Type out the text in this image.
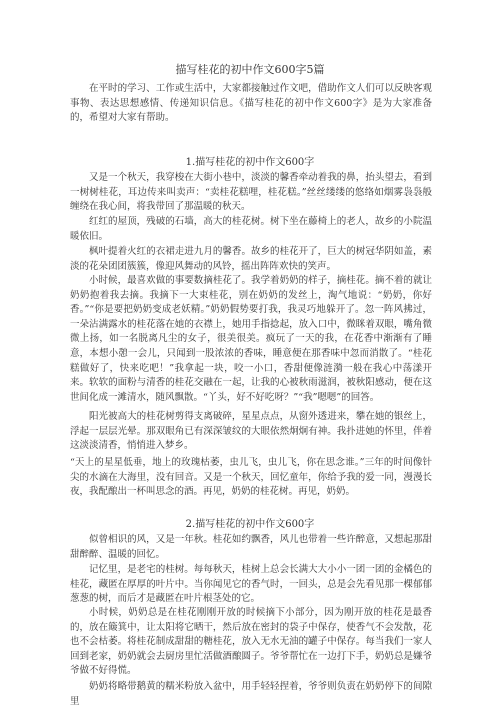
描写桂花的初中作文600字5篇

在平时的学习、工作或生活中，大家都接触过作文吧，借助作文人们可以反映客观事物、表达思想感情、传递知识信息。《描写桂花的初中作文600字》是为大家准备的，希望对大家有帮助。

1.描写桂花的初中作文600字

又是一个秋天，我穿梭在大街小巷中，淡淡的馨香牵动着我的鼻，抬头望去，看到一树树桂花，耳边传来叫卖声：“卖桂花糕哩，桂花糕。”丝丝缕缕的悠络如烟雾袅袅般缠绕在我心间，将我带回了那温暖的秋天。

红红的屋顶，残破的石墙，高大的桂花树。树下坐在藤椅上的老人，故乡的小院温暖依旧。

枫叶提着火红的衣裙走进九月的馨香。故乡的桂花开了，巨大的树冠华阴如盖，素淡的花朵团团簇簇，像迎风舞动的风铃，摇出阵阵欢快的笑声。

小时候，最喜欢做的事要数摘桂花了。我学着奶奶的样子，摘桂花。摘不着的就让奶奶抱着我去摘。我摘下一大束桂花，别在奶奶的发丝上，淘气地说：“奶奶，你好香。”“你是要把奶奶变成老妖精。”奶奶假势要打我，我灵巧地躲开了。忽一阵风拂过，一朵沾满露水的桂花落在她的衣襟上，她用手指捻起，放入口中，微眯着双眼，嘴角微微上扬，如一名脱离凡尘的女子，很美很美。疯玩了一天的我，在花香中渐渐有了睡意，本想小憩一会儿，只闻到一股浓浓的香味，睡意便在那香味中忽而消散了。“桂花糕做好了，快来吃吧！”我拿起一块，咬一小口，香甜便像涟漪一般在我心中荡漾开来。软软的面粉与清香的桂花交融在一起，让我的心被秋雨滋润，被秋阳感动，便在这世间化成一滩清水，随风飘散。“丫头，好不好吃呀？”“我”嗯嗯”的回答。

阳光被高大的桂花树剪得支离破碎，星星点点，从窗外透进来，攀在她的银丝上，浮起一层层光晕。那双眼角已有深深皱纹的大眼依然炯炯有神。我扑进她的怀里，伴着这淡淡清香，悄悄进入梦乡。

“天上的星星低垂，地上的玫瑰枯萎，虫儿飞，虫儿飞，你在思念谁。”三年的时间像针尖的水滴在大海里，没有回音。又是一个秋天，回忆童年，你给予我的爱一同，漫漫长夜，我配酿出一杯叫思念的酒。再见，奶奶的桂花树。再见，奶奶。

2.描写桂花的初中作文600字

似曾相识的风，又是一年秋。桂花如约飘香，风儿也带着一些许醉意，又想起那甜甜醉醉、温暖的回忆。

记忆里，是老宅的桂树。每每秋天，桂树上总会长满大大小小一团一团的金橘色的桂花，藏匿在厚厚的叶片中。当你闻见它的香气时，一回头，总是会先看见那一棵郁郁葱葱的树，而后才是藏匿在叶片根茎处的它。

小时候，奶奶总是在桂花刚刚开放的时候摘下小部分，因为刚开放的桂花是最香的，放在簸箕中，让太阳将它晒干，然后放在密封的袋子中保存，使香气不会发散，花也不会枯萎。将桂花制成甜甜的糖桂花，放入无水无油的罐子中保存。每当我们一家人回到老家，奶奶就会去厨房里忙活做酒酿圆子。爷爷帮忙在一边打下手，奶奶总是嫌爷爷做不好得慌。

奶奶将略带鹅黄的糯米粉放入盆中，用手轻轻捏着，爷爷则负责在奶奶停下的间隙里
